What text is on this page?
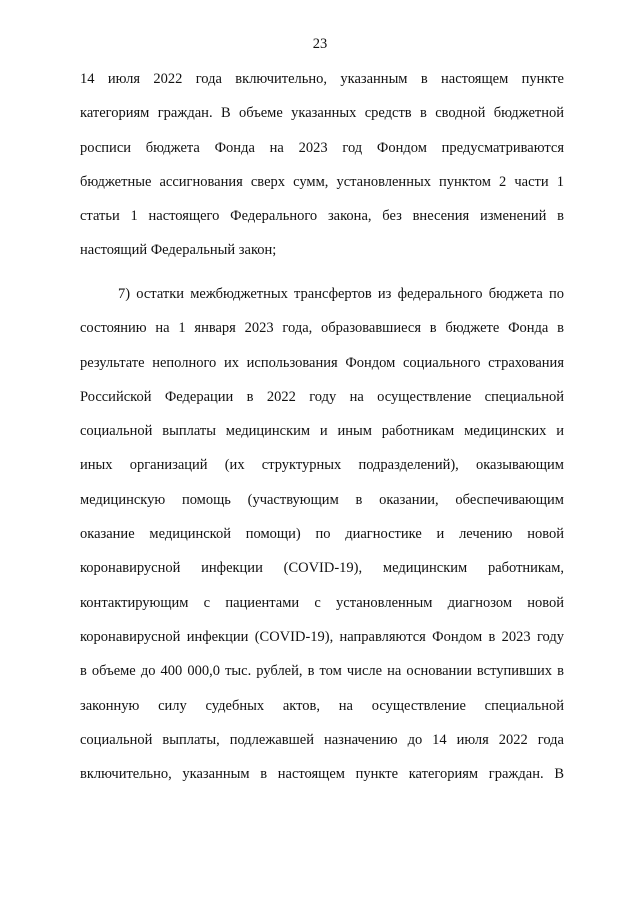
23
14 июля 2022 года включительно, указанным в настоящем пункте
категориям граждан. В объеме указанных средств в сводной бюджетной
росписи бюджета Фонда на 2023 год Фондом предусматриваются
бюджетные ассигнования сверх сумм, установленных пунктом 2 части 1
статьи 1 настоящего Федерального закона, без внесения изменений в
настоящий Федеральный закон;
7) остатки межбюджетных трансфертов из федерального бюджета по
состоянию на 1 января 2023 года, образовавшиеся в бюджете Фонда в
результате неполного их использования Фондом социального страхования
Российской Федерации в 2022 году на осуществление специальной
социальной выплаты медицинским и иным работникам медицинских и
иных организаций (их структурных подразделений), оказывающим
медицинскую помощь (участвующим в оказании, обеспечивающим
оказание медицинской помощи) по диагностике и лечению новой
коронавирусной инфекции (COVID-19), медицинским работникам,
контактирующим с пациентами с установленным диагнозом новой
коронавирусной инфекции (COVID-19), направляются Фондом в 2023 году
в объеме до 400 000,0 тыс. рублей, в том числе на основании вступивших в
законную силу судебных актов, на осуществление специальной
социальной выплаты, подлежавшей назначению до 14 июля 2022 года
включительно, указанным в настоящем пункте категориям граждан. В
